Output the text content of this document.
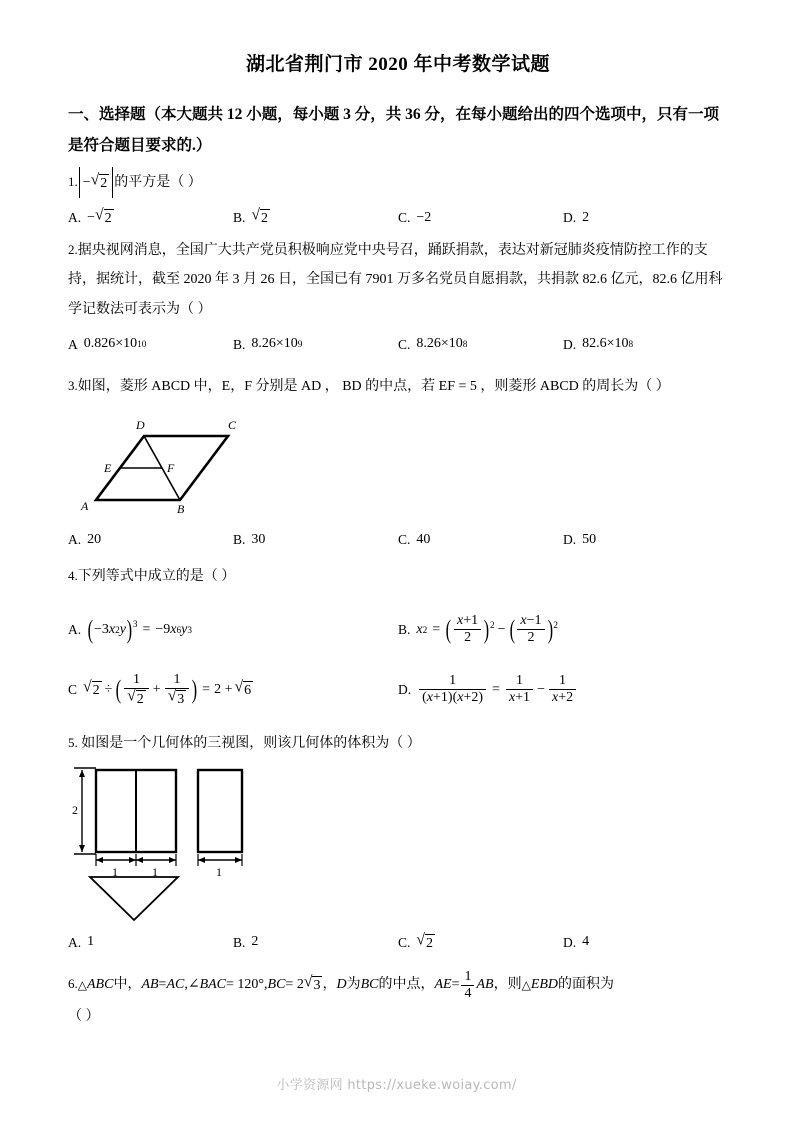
湖北省荆门市 2020 年中考数学试题
一、选择题（本大题共 12 小题，每小题 3 分，共 36 分，在每小题给出的四个选项中，只有一项是符合题目要求的.）
1. − √ 2 的平方是（ ）
A. − √ 2	B. √ 2	C. −2	D. 2
2.据央视网消息，全国广大共产党员积极响应党中央号召，踊跃捐款，表达对新冠肺炎疫情防控工作的支持，据统计，截至 2020 年 3 月 26 日，全国已有 7901 万多名党员自愿捐款，共捐款 82.6 亿元，82.6 亿用科学记数法可表示为（ ）
A 0.826 × 10 10	B. 8.26 × 10 9	C. 8.26 × 10 8	D. 82.6 × 10 8
3.如图，菱形 ABCD 中，E，F 分别是 AD ， BD 的中点，若 EF = 5 ，则菱形 ABCD 的周长为（ ）
D	C
E	F
A	B
A. 20	B. 30	C. 40	D. 50
4.下列等式中成立的是（ ）
A. ( −3 x 2 y ) 3 = −9 x 6 y 3	B. x 2 = ( $\frac{x+1}{2}$ ) 2 − ( $\frac{x-1}{2}$ ) 2
C √ 2 ÷ ( $\frac{1}{√ 2} + \frac{1}{√ 3}$ ) = 2 + √ 6	D. $\frac{1}{(x+1)(x+2)} = \frac{1}{x+1} - \frac{1}{x+2}$
5. 如图是一个几何体的三视图，则该几何体的体积为（ ）
2
1	1	1
A. 1	B. 2	C. √ 2	D. 4
6. △ ABC 中， AB = AC , ∠ BAC = 120°, BC = 2 √ 3 ， D 为 BC 的中点， AE = $\frac{1}{4}$ AB ，则 △ EBD 的面积为
（ ）
小学资源网 https://xueke.woiay.com/
